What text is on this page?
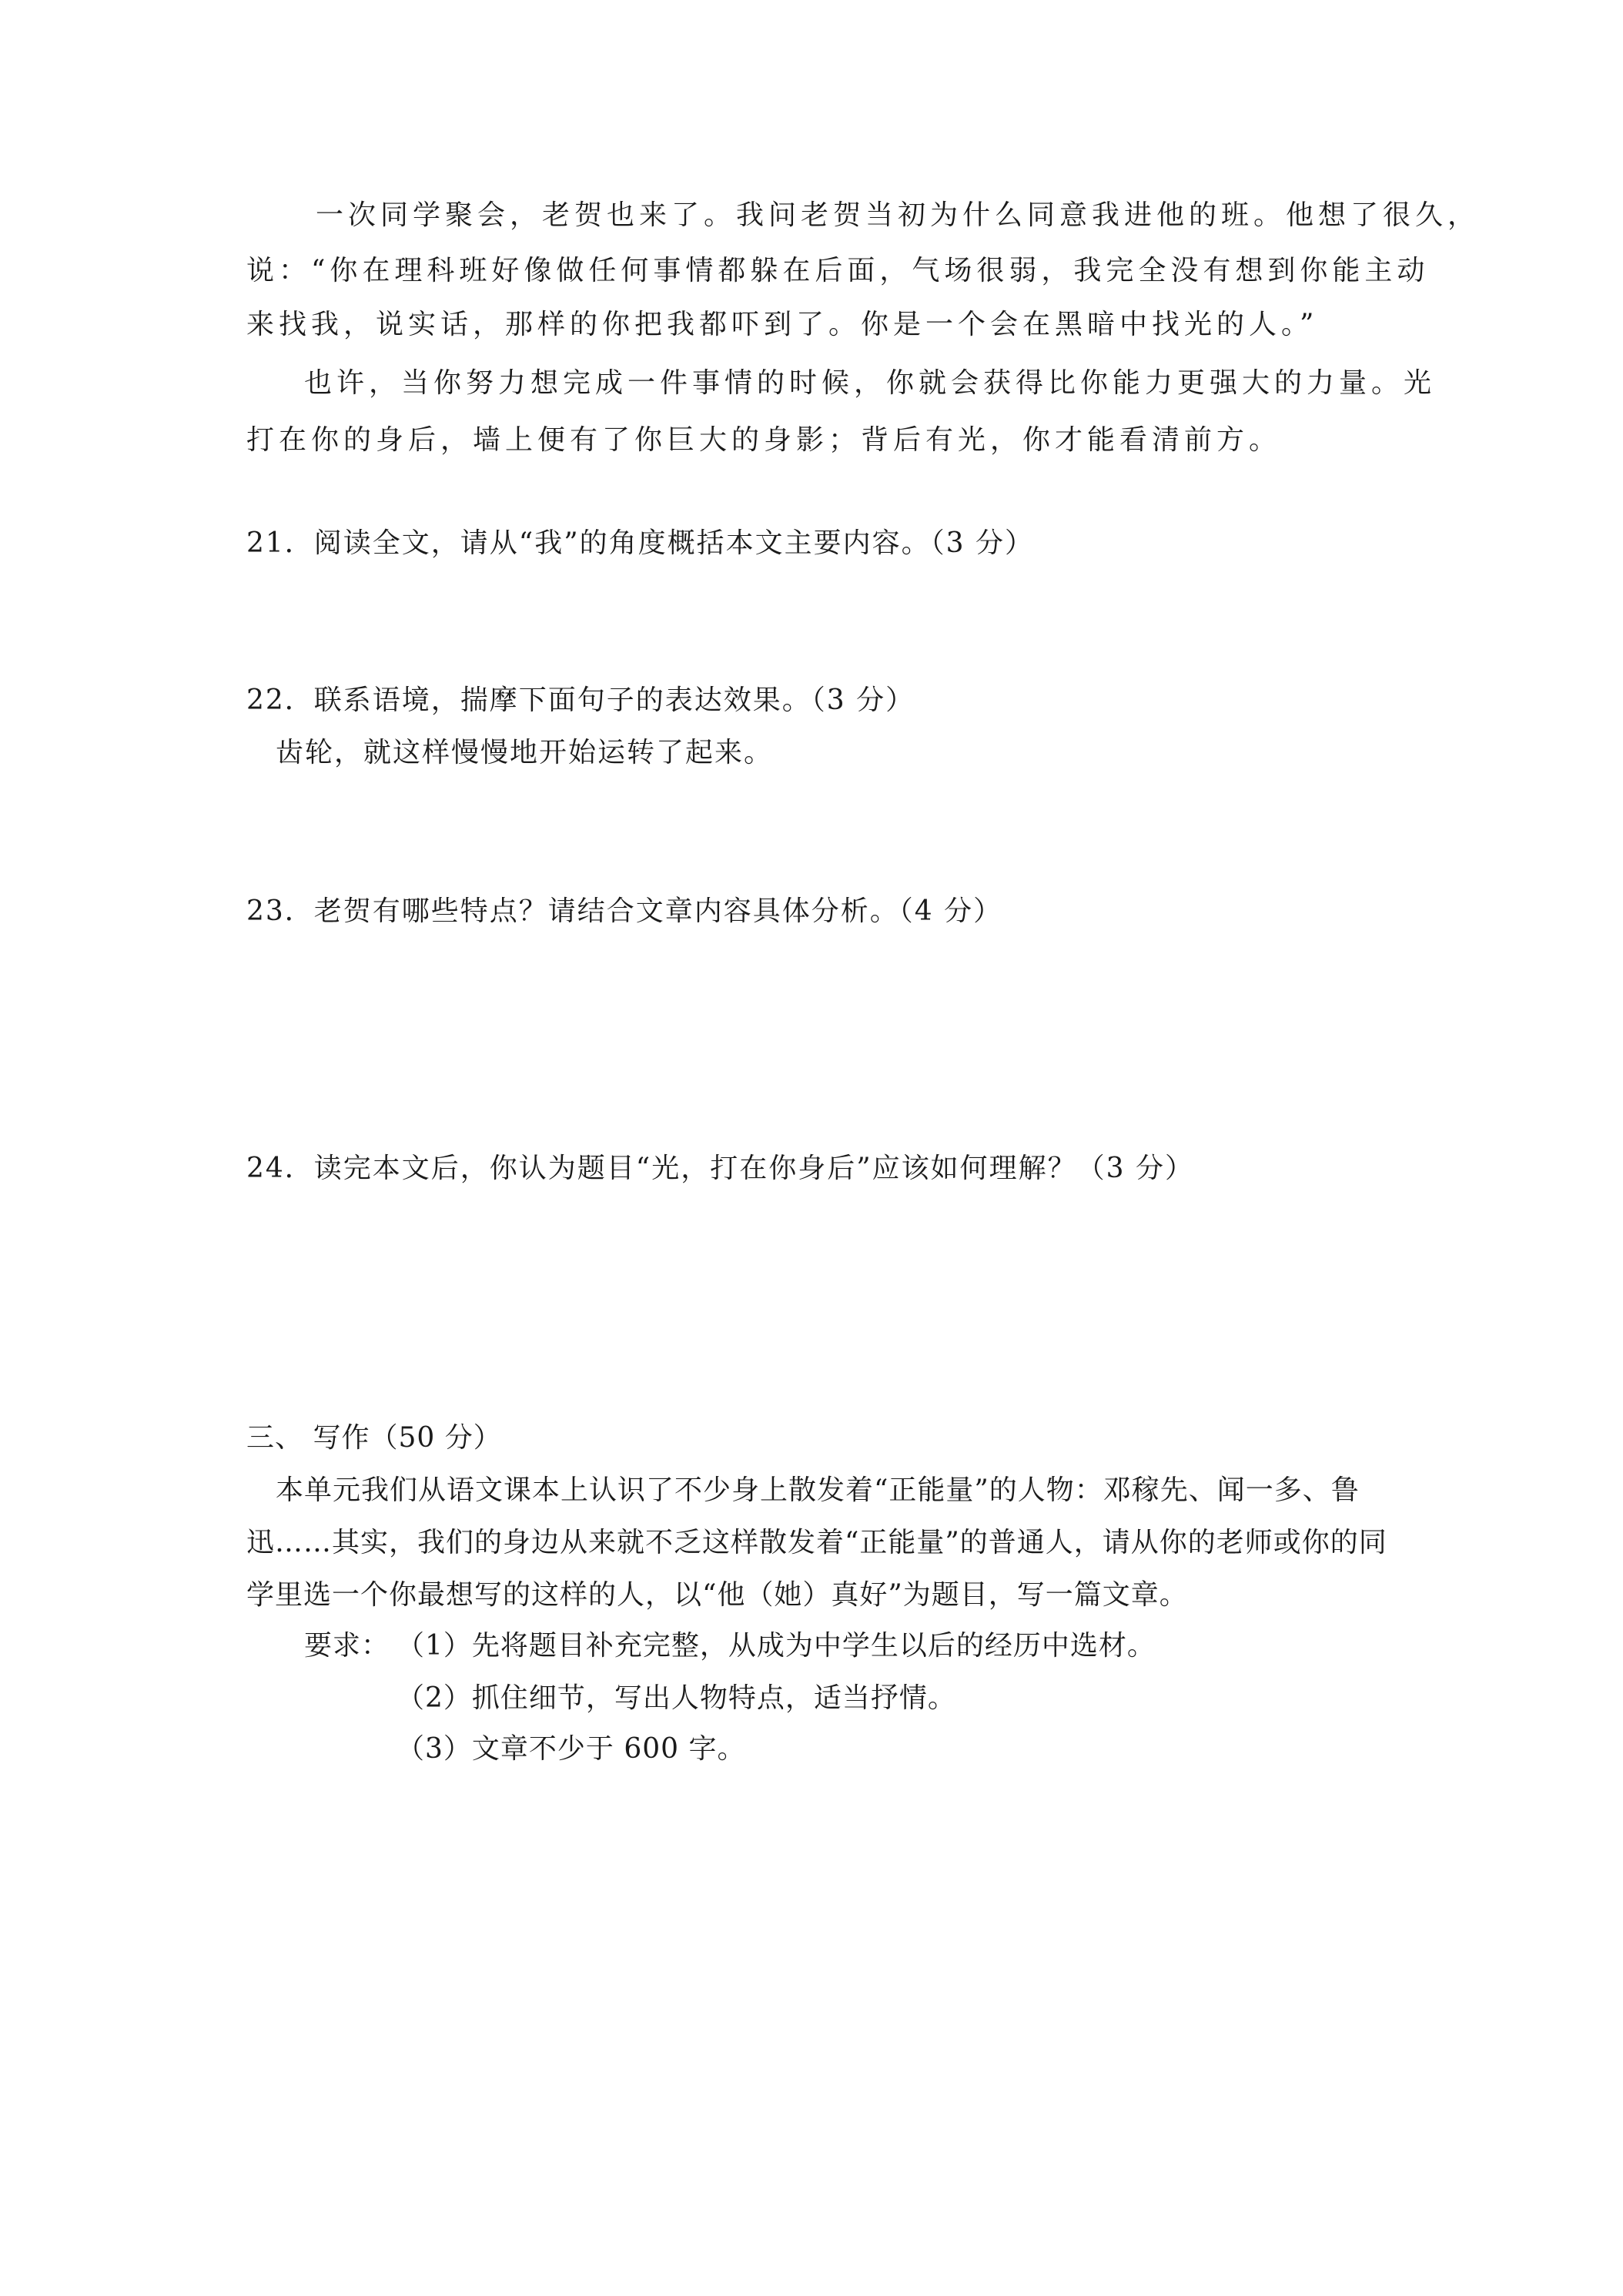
一次同学聚会，老贺也来了。我问老贺当初为什么同意我进他的班。他想了很久，
说：“你在理科班好像做任何事情都躲在后面，气场很弱，我完全没有想到你能主动
来找我，说实话，那样的你把我都吓到了。你是一个会在黑暗中找光的人。”
也许，当你努力想完成一件事情的时候，你就会获得比你能力更强大的力量。光
打在你的身后，墙上便有了你巨大的身影；背后有光，你才能看清前方。
21．阅读全文，请从“我”的角度概括本文主要内容。（3 分）
22．联系语境，揣摩下面句子的表达效果。（3 分）
齿轮，就这样慢慢地开始运转了起来。
23．老贺有哪些特点？请结合文章内容具体分析。（4 分）
24．读完本文后，你认为题目“光，打在你身后”应该如何理解？（3 分）
三、 写作（50 分）
本单元我们从语文课本上认识了不少身上散发着“正能量”的人物：邓稼先、闻一多、鲁
迅……其实，我们的身边从来就不乏这样散发着“正能量”的普通人，请从你的老师或你的同
学里选一个你最想写的这样的人，以“他（她）真好”为题目，写一篇文章。
要求： （1）先将题目补充完整，从成为中学生以后的经历中选材。
（2）抓住细节，写出人物特点，适当抒情。
（3）文章不少于 600 字。
